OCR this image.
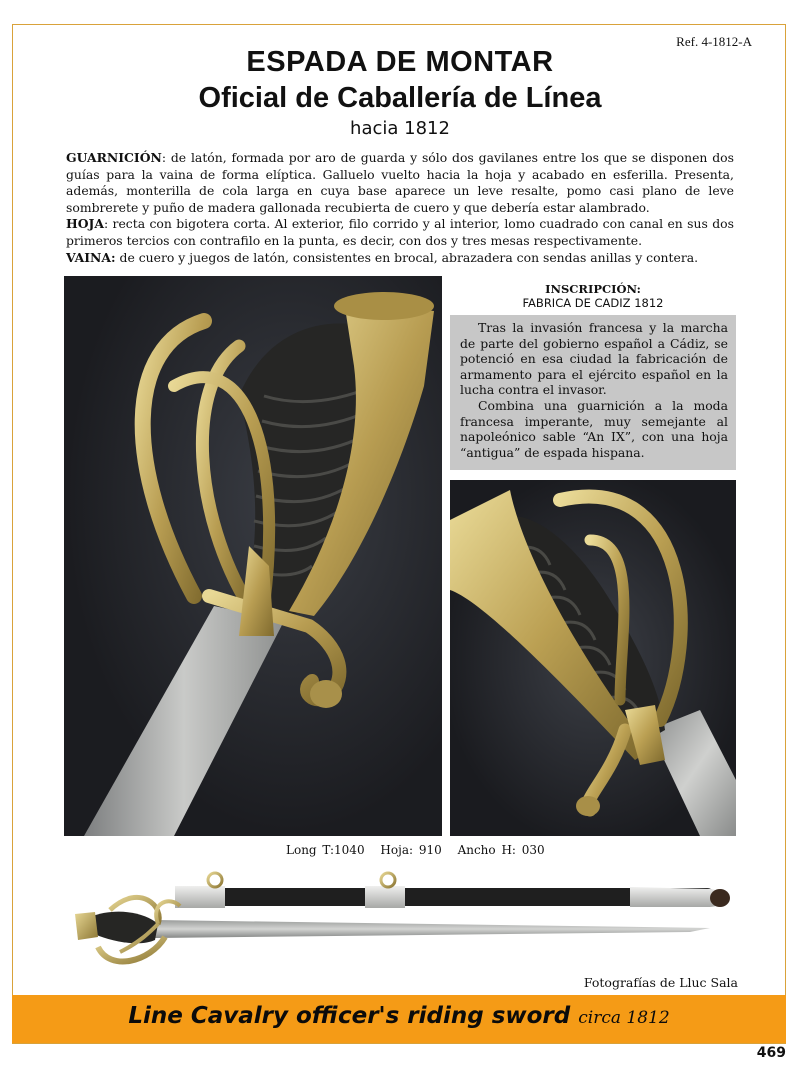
Ref. 4-1812-A
ESPADA DE MONTAR
Oficial de Caballería de Línea
hacia 1812

GUARNICIÓN: de latón, formada por aro de guarda y sólo dos gavilanes entre los que se disponen dos guías para la vaina de forma elíptica. Galluelo vuelto hacia la hoja y acabado en esferilla. Presenta, además, monterilla de cola larga en cuya base aparece un leve resalte, pomo casi plano de leve sombrerete y puño de madera gallonada recubierta de cuero y que debería estar alambrado.

HOJA: recta con bigotera corta. Al exterior, filo corrido y al interior, lomo cuadrado con canal en sus dos primeros tercios con contrafilo en la punta, es decir, con dos y tres mesas respectivamente.

VAINA: de cuero y juegos de latón, consistentes en brocal, abrazadera con sendas anillas y contera.

INSCRIPCIÓN:
FABRICA DE CADIZ 1812

Tras la invasión francesa y la marcha de parte del gobierno español a Cádiz, se potenció en esa ciudad la fabricación de armamento para el ejército español en la lucha contra el invasor.

Combina una guarnición a la moda francesa imperante, muy semejante al napoleónico sable “An IX”, con una hoja “antigua” de espada hispana.

Long T:1040 Hoja: 910 Ancho H: 030
Fotografías de Lluc Sala
Line Cavalry officer's riding sword circa 1812
469
